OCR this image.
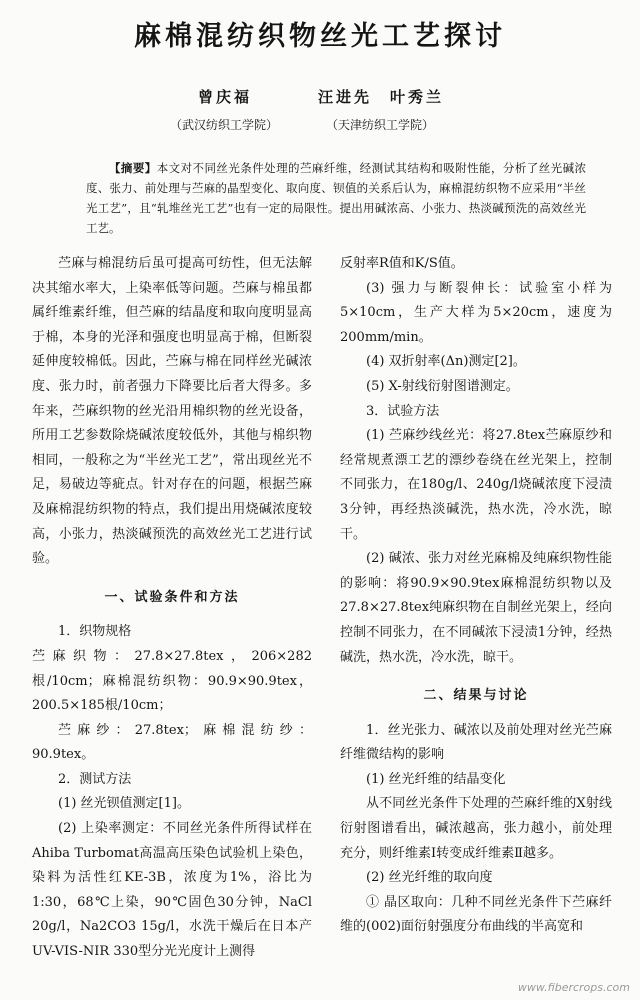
麻棉混纺织物丝光工艺探讨
曾庆福	汪进先　叶秀兰
（武汉纺织工学院）	（天津纺织工学院）
【摘要】本文对不同丝光条件处理的苎麻纤维，经测试其结构和吸附性能，分析了丝光碱浓度、张力、前处理与苎麻的晶型变化、取向度、钡值的关系后认为，麻棉混纺织物不应采用“半丝光工艺”，且“轧堆丝光工艺”也有一定的局限性。提出用碱浓高、小张力、热淡碱预洗的高效丝光工艺。

苎麻与棉混纺后虽可提高可纺性，但无法解决其缩水率大，上染率低等问题。苎麻与棉虽都属纤维素纤维，但苎麻的结晶度和取向度明显高于棉，本身的光泽和强度也明显高于棉，但断裂延伸度较棉低。因此，苎麻与棉在同样丝光碱浓度、张力时，前者强力下降要比后者大得多。多年来，苎麻织物的丝光沿用棉织物的丝光设备，所用工艺参数除烧碱浓度较低外，其他与棉织物相同，一般称之为“半丝光工艺”，常出现丝光不足，易破边等疵点。针对存在的问题，根据苎麻及麻棉混纺织物的特点，我们提出用烧碱浓度较高，小张力，热淡碱预洗的高效丝光工艺进行试验。

一、试验条件和方法

1．织物规格

苎麻织物：27.8×27.8tex，206×282根/10cm；麻棉混纺织物：90.9×90.9tex，200.5×185根/10cm；

苎麻纱：27.8tex；麻棉混纺纱：90.9tex。

2．测试方法

(1) 丝光钡值测定[1]。

(2) 上染率测定：不同丝光条件所得试样在Ahiba Turbomat高温高压染色试验机上染色，染料为活性红KE-3B，浓度为1%，浴比为1:30，68℃上染，90℃固色30分钟，NaCl 20g/l，Na2CO3 15g/l，水洗干燥后在日本产UV-VIS-NIR 330型分光光度计上测得

反射率R值和K/S值。

(3) 强力与断裂伸长：试验室小样为5×10cm，生产大样为5×20cm，速度为200mm/min。

(4) 双折射率(Δn)测定[2]。

(5) X-射线衍射图谱测定。

3．试验方法

(1) 苎麻纱线丝光：将27.8tex苎麻原纱和经常规煮漂工艺的漂纱卷绕在丝光架上，控制不同张力，在180g/l、240g/l烧碱浓度下浸渍3分钟，再经热淡碱洗，热水洗，冷水洗，晾干。

(2) 碱浓、张力对丝光麻棉及纯麻织物性能的影响：将90.9×90.9tex麻棉混纺织物以及27.8×27.8tex纯麻织物在自制丝光架上，经向控制不同张力，在不同碱浓下浸渍1分钟，经热碱洗，热水洗，冷水洗，晾干。

二、结果与讨论

1．丝光张力、碱浓以及前处理对丝光苎麻纤维微结构的影响

(1) 丝光纤维的结晶变化

从不同丝光条件下处理的苎麻纤维的X射线衍射图谱看出，碱浓越高，张力越小，前处理充分，则纤维素Ⅰ转变成纤维素Ⅱ越多。

(2) 丝光纤维的取向度

① 晶区取向：几种不同丝光条件下苎麻纤维的(002)面衍射强度分布曲线的半高宽和

www.fibercrops.com
